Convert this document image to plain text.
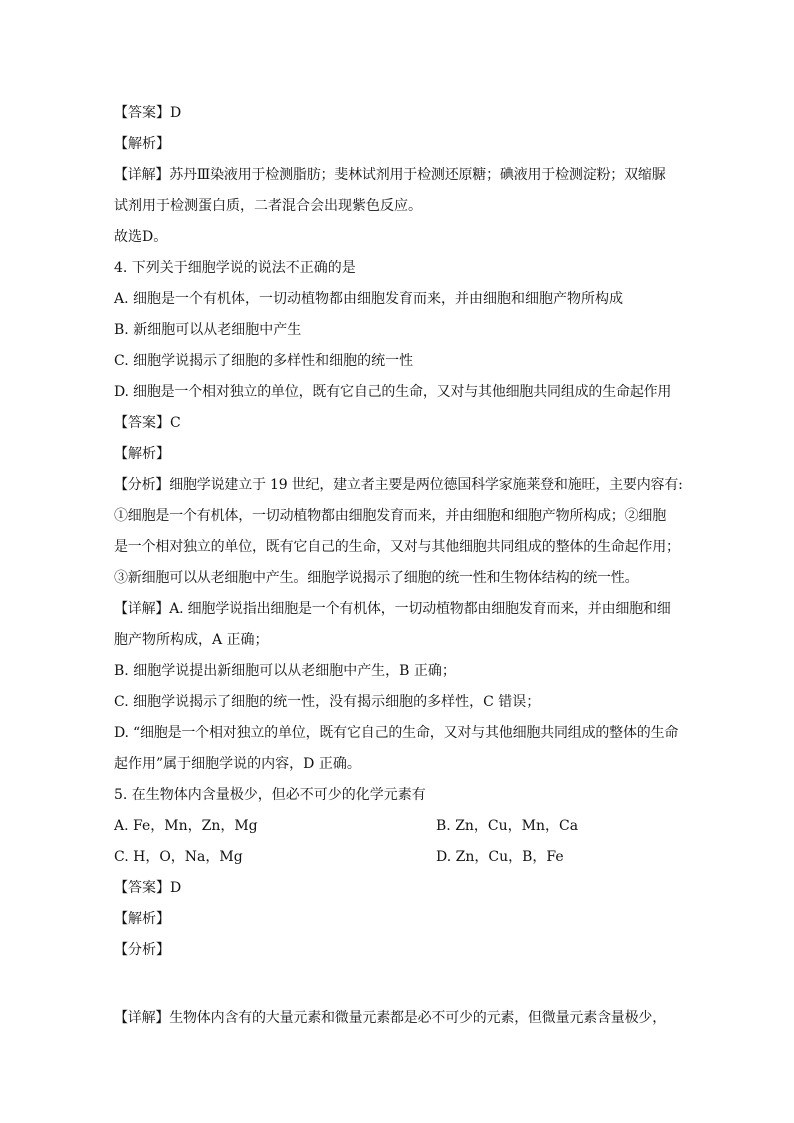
【答案】D
【解析】
【详解】苏丹Ⅲ染液用于检测脂肪；斐林试剂用于检测还原糖；碘液用于检测淀粉；双缩脲
试剂用于检测蛋白质，二者混合会出现紫色反应。
故选D。
4. 下列关于细胞学说的说法不正确的是
A. 细胞是一个有机体，一切动植物都由细胞发育而来，并由细胞和细胞产物所构成
B. 新细胞可以从老细胞中产生
C. 细胞学说揭示了细胞的多样性和细胞的统一性
D. 细胞是一个相对独立的单位，既有它自己的生命，又对与其他细胞共同组成的生命起作用
【答案】C
【解析】
【分析】细胞学说建立于 19 世纪，建立者主要是两位德国科学家施莱登和施旺，主要内容有:
①细胞是一个有机体，一切动植物都由细胞发育而来，并由细胞和细胞产物所构成；②细胞
是一个相对独立的单位，既有它自己的生命，又对与其他细胞共同组成的整体的生命起作用；
③新细胞可以从老细胞中产生。细胞学说揭示了细胞的统一性和生物体结构的统一性。
【详解】A. 细胞学说指出细胞是一个有机体，一切动植物都由细胞发育而来，并由细胞和细
胞产物所构成，A 正确；
B. 细胞学说提出新细胞可以从老细胞中产生，B 正确；
C. 细胞学说揭示了细胞的统一性，没有揭示细胞的多样性，C 错误；
D. “细胞是一个相对独立的单位，既有它自己的生命，又对与其他细胞共同组成的整体的生命
起作用”属于细胞学说的内容，D 正确。
5. 在生物体内含量极少，但必不可少的化学元素有
A. Fe，Mn，Zn，Mg	B. Zn，Cu，Mn，Ca
C. H，O，Na，Mg	D. Zn，Cu，B，Fe
【答案】D
【解析】
【分析】
【详解】生物体内含有的大量元素和微量元素都是必不可少的元素，但微量元素含量极少，
